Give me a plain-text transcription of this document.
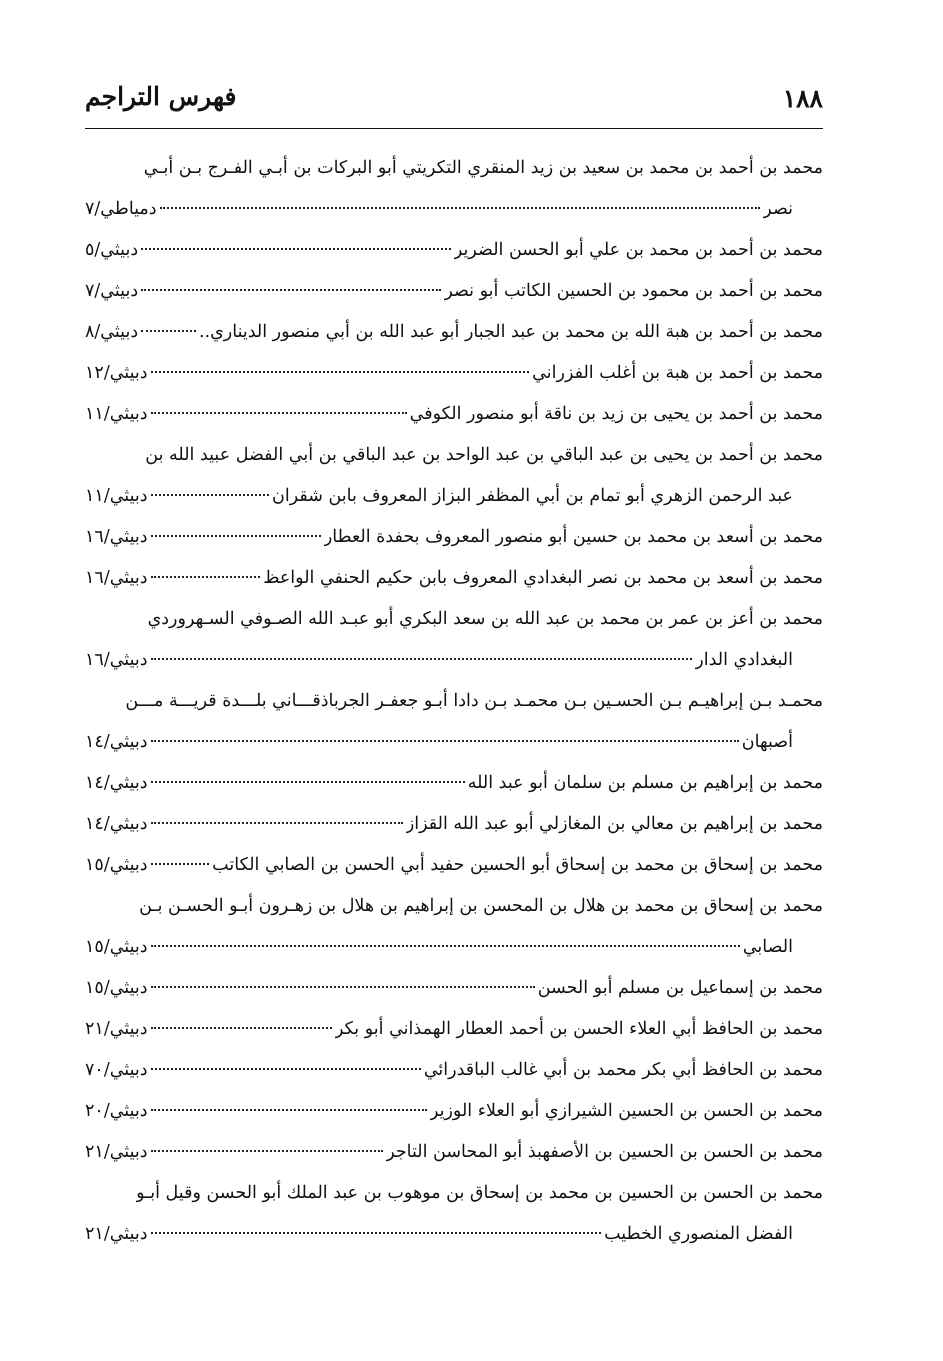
١٨٨
فهرس التراجم
محمد بن أحمد بن محمد بن سعيد بن زيد المنقري التكريتي أبو البركات بن أبـي الفـرج بـن أبـي
نصر
دمياطي/٧
محمد بن أحمد بن محمد بن علي أبو الحسن الضرير
دبيثي/٥
محمد بن أحمد بن محمود بن الحسين الكاتب أبو نصر
دبيثي/٧
محمد بن أحمد بن هبة الله بن محمد بن عبد الجبار أبو عبد الله بن أبي منصور الديناري..
دبيثي/٨
محمد بن أحمد بن هبة بن أغلب الفزراني
دبيثي/١٢
محمد بن أحمد بن يحيى بن زيد بن ناقة أبو منصور الكوفي
دبيثي/١١
محمد بن أحمد بن يحيى بن عبد الباقي بن عبد الواحد بن عبد الباقي بن أبي الفضل عبيد الله بن
عبد الرحمن الزهري أبو تمام بن أبي المظفر البزاز المعروف بابن شقران
دبيثي/١١
محمد بن أسعد بن محمد بن حسين أبو منصور المعروف بحفدة العطار
دبيثي/١٦
محمد بن أسعد بن محمد بن نصر البغدادي المعروف بابن حكيم الحنفي الواعظ
دبيثي/١٦
محمد بن أعز بن عمر بن محمد بن عبد الله بن سعد البكري أبو عبـد الله الصـوفي السـهروردي
البغدادي الدار
دبيثي/١٦
محمـد بـن إبراهيـم بـن الحسـين بـن محمـد بـن دادا أبـو جعفـر الجرباذقـــاني بلـــدة قريـــة مـــن
أصبهان
دبيثي/١٤
محمد بن إبراهيم بن مسلم بن سلمان أبو عبد الله
دبيثي/١٤
محمد بن إبراهيم بن معالي بن المغازلي أبو عبد الله القزاز
دبيثي/١٤
محمد بن إسحاق بن محمد بن إسحاق أبو الحسين حفيد أبي الحسن بن الصابي الكاتب
دبيثي/١٥
محمد بن إسحاق بن محمد بن هلال بن المحسن بن إبراهيم بن هلال بن زهـرون أبـو الحسـن بـن
الصابي
دبيثي/١٥
محمد بن إسماعيل بن مسلم أبو الحسن
دبيثي/١٥
محمد بن الحافظ أبي العلاء الحسن بن أحمد العطار الهمذاني أبو بكر
دبيثي/٢١
محمد بن الحافظ أبي بكر محمد بن أبي غالب الباقدرائي
دبيثي/٧٠
محمد بن الحسن بن الحسين الشيرازي أبو العلاء الوزير
دبيثي/٢٠
محمد بن الحسن بن الحسين بن الأصفهبذ أبو المحاسن التاجر
دبيثي/٢١
محمد بن الحسن بن الحسين بن محمد بن إسحاق بن موهوب بن عبد الملك أبو الحسن وقيل أبـو
الفضل المنصوري الخطيب
دبيثي/٢١
